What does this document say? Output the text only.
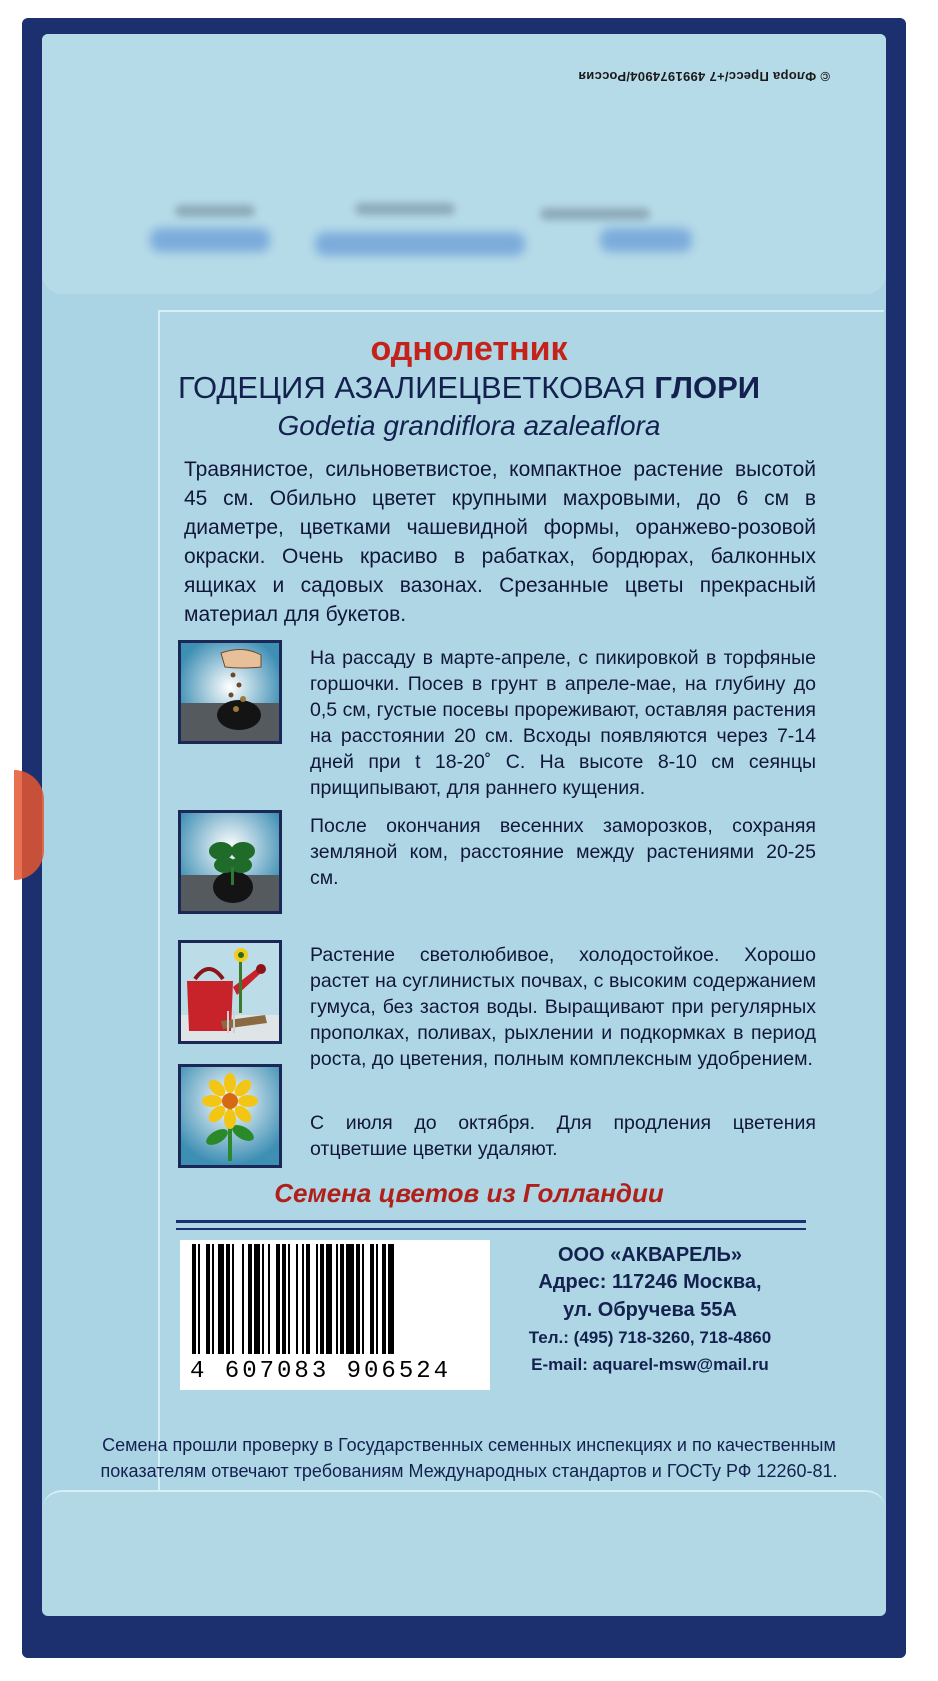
© Флора Пресс/+7 4991974904/Россия
однолетник
ГОДЕЦИЯ АЗАЛИЕЦВЕТКОВАЯ ГЛОРИ
Godetia grandiflora azaleaflora
Травянистое, сильноветвистое, компактное растение высотой 45 см. Обильно цветет крупными махровыми, до 6 см в диаметре, цветками чашевидной формы, оранжево-розовой окраски. Очень красиво в рабатках, бордюрах, балконных ящиках и садовых вазонах. Срезанные цветы прекрасный материал для букетов.
На рассаду в марте-апреле, с пикировкой в торфяные горшочки. Посев в грунт в апреле-мае, на глубину до 0,5 см, густые посевы прореживают, оставляя растения на расстоянии 20 см. Всходы появляются через 7-14 дней при t 18-20˚ С. На высоте 8-10 см сеянцы прищипывают, для раннего кущения.
После окончания весенних заморозков, сохраняя земляной ком, расстояние между растениями 20-25 см.
Растение светолюбивое, холодостойкое. Хорошо растет на суглинистых почвах, с высоким содержанием гумуса, без застоя воды. Выращивают при регулярных прополках, поливах, рыхлении и подкормках в период роста, до цветения, полным комплексным удобрением.
С июля до октября. Для продления цветения отцветшие цветки удаляют.
Семена цветов из Голландии
4 607083 906524
ООО «АКВАРЕЛЬ»
Адрес: 117246 Москва,
ул. Обручева 55А
Тел.: (495) 718-3260, 718-4860
E-mail: aquarel-msw@mail.ru
Семена прошли проверку в Государственных семенных инспекциях и по качественным показателям отвечают требованиям Международных стандартов и ГОСТу РФ 12260-81.
